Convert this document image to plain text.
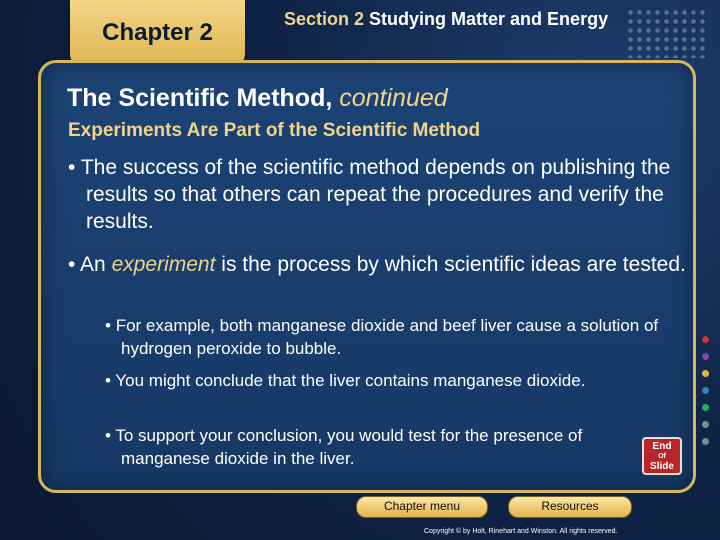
Chapter 2	Section 2 Studying Matter and Energy
The Scientific Method, continued
Experiments Are Part of the Scientific Method
• The success of the scientific method depends on publishing the results so that others can repeat the procedures and verify the results.
• An experiment is the process by which scientific ideas are tested.
• For example, both manganese dioxide and beef liver cause a solution of hydrogen peroxide to bubble.
• You might conclude that the liver contains manganese dioxide.
• To support your conclusion, you would test for the presence of manganese dioxide in the liver.
End
Of
Slide
Chapter menu	Resources
Copyright © by Holt, Rinehart and Winston. All rights reserved.
